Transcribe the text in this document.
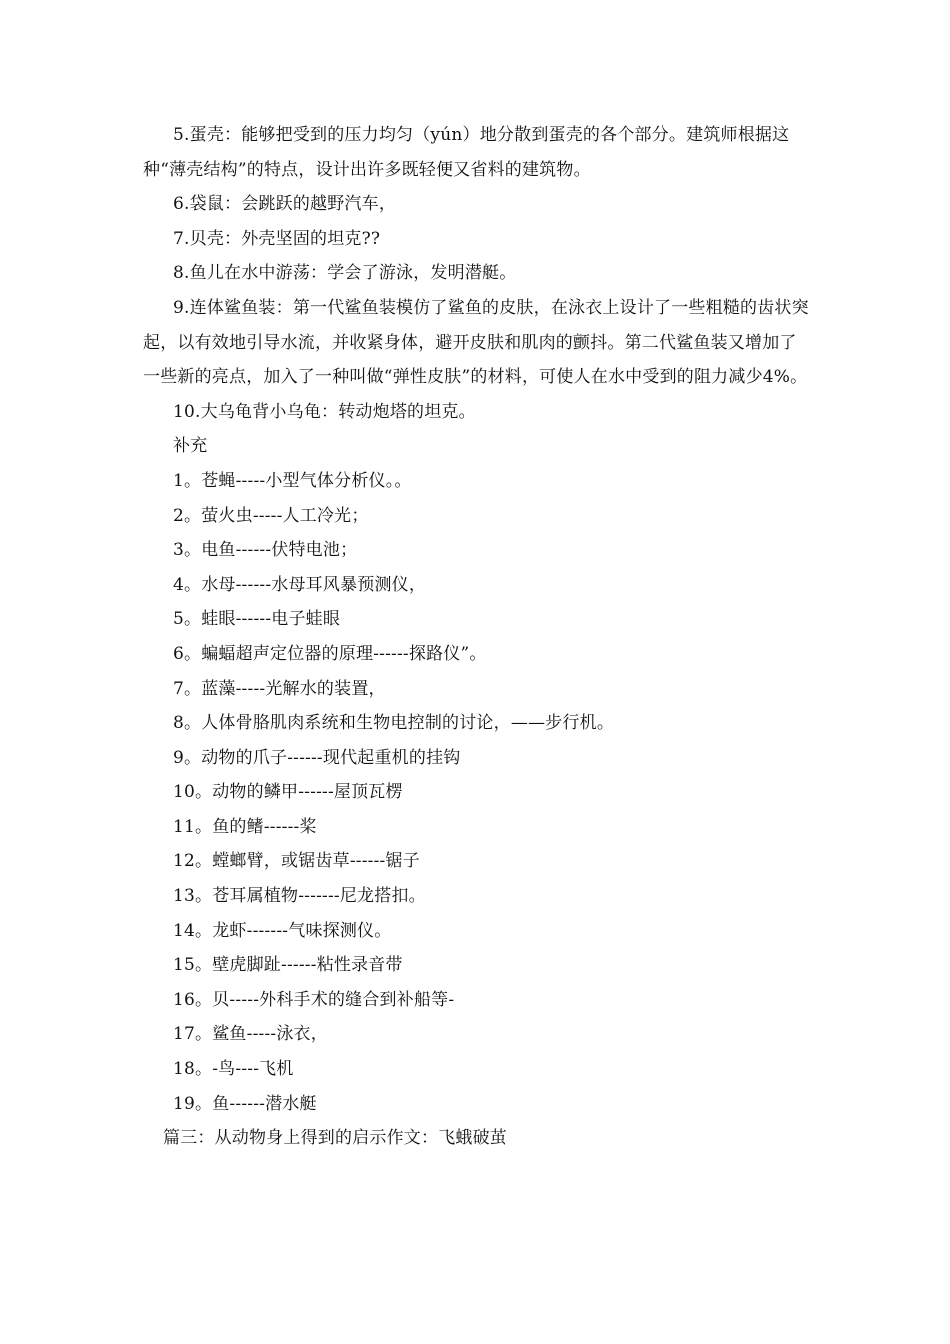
5.蛋壳：能够把受到的压力均匀（yún）地分散到蛋壳的各个部分。建筑师根据这种“薄壳结构”的特点，设计出许多既轻便又省料的建筑物。

6.袋鼠：会跳跃的越野汽车，

7.贝壳：外壳坚固的坦克??

8.鱼儿在水中游荡：学会了游泳，发明潜艇。

9.连体鲨鱼装：第一代鲨鱼装模仿了鲨鱼的皮肤，在泳衣上设计了一些粗糙的齿状突起，以有效地引导水流，并收紧身体，避开皮肤和肌肉的颤抖。第二代鲨鱼装又增加了一些新的亮点，加入了一种叫做“弹性皮肤”的材料，可使人在水中受到的阻力减少4%。

10.大乌龟背小乌龟：转动炮塔的坦克。

补充

1。苍蝇-----小型气体分析仪。。

2。萤火虫-----人工冷光；

3。电鱼------伏特电池；

4。水母------水母耳风暴预测仪，

5。蛙眼------电子蛙眼

6。蝙蝠超声定位器的原理------探路仪”。

7。蓝藻-----光解水的装置，

8。人体骨胳肌肉系统和生物电控制的讨论，——步行机。

9。动物的爪子------现代起重机的挂钩

10。动物的鳞甲------屋顶瓦楞

11。鱼的鳍------桨

12。螳螂臂，或锯齿草------锯子

13。苍耳属植物-------尼龙搭扣。

14。龙虾-------气味探测仪。

15。壁虎脚趾------粘性录音带

16。贝-----外科手术的缝合到补船等-

17。鲨鱼-----泳衣，

18。-鸟----飞机

19。鱼------潜水艇

篇三：从动物身上得到的启示作文：飞蛾破茧
